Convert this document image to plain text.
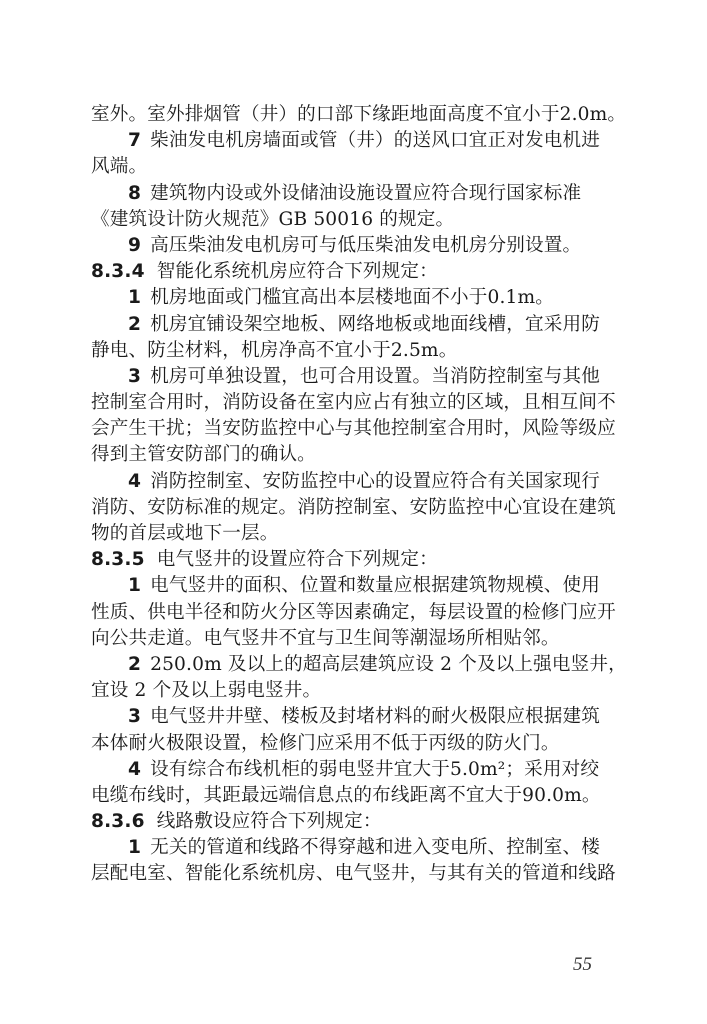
室外。室外排烟管（井）的口部下缘距地面高度不宜小于2.0m。
7 柴油发电机房墙面或管（井）的送风口宜正对发电机进
风端。
8 建筑物内设或外设储油设施设置应符合现行国家标准
《建筑设计防火规范》GB 50016 的规定。
9 高压柴油发电机房可与低压柴油发电机房分别设置。
8.3.4 智能化系统机房应符合下列规定：
1 机房地面或门槛宜高出本层楼地面不小于0.1m。
2 机房宜铺设架空地板、网络地板或地面线槽，宜采用防
静电、防尘材料，机房净高不宜小于2.5m。
3 机房可单独设置，也可合用设置。当消防控制室与其他
控制室合用时，消防设备在室内应占有独立的区域，且相互间不
会产生干扰；当安防监控中心与其他控制室合用时，风险等级应
得到主管安防部门的确认。
4 消防控制室、安防监控中心的设置应符合有关国家现行
消防、安防标准的规定。消防控制室、安防监控中心宜设在建筑
物的首层或地下一层。
8.3.5 电气竖井的设置应符合下列规定：
1 电气竖井的面积、位置和数量应根据建筑物规模、使用
性质、供电半径和防火分区等因素确定，每层设置的检修门应开
向公共走道。电气竖井不宜与卫生间等潮湿场所相贴邻。
2 250.0m 及以上的超高层建筑应设 2 个及以上强电竖井，
宜设 2 个及以上弱电竖井。
3 电气竖井井壁、楼板及封堵材料的耐火极限应根据建筑
本体耐火极限设置，检修门应采用不低于丙级的防火门。
4 设有综合布线机柜的弱电竖井宜大于5.0m²；采用对绞
电缆布线时，其距最远端信息点的布线距离不宜大于90.0m。
8.3.6 线路敷设应符合下列规定：
1 无关的管道和线路不得穿越和进入变电所、控制室、楼
层配电室、智能化系统机房、电气竖井，与其有关的管道和线路
55
